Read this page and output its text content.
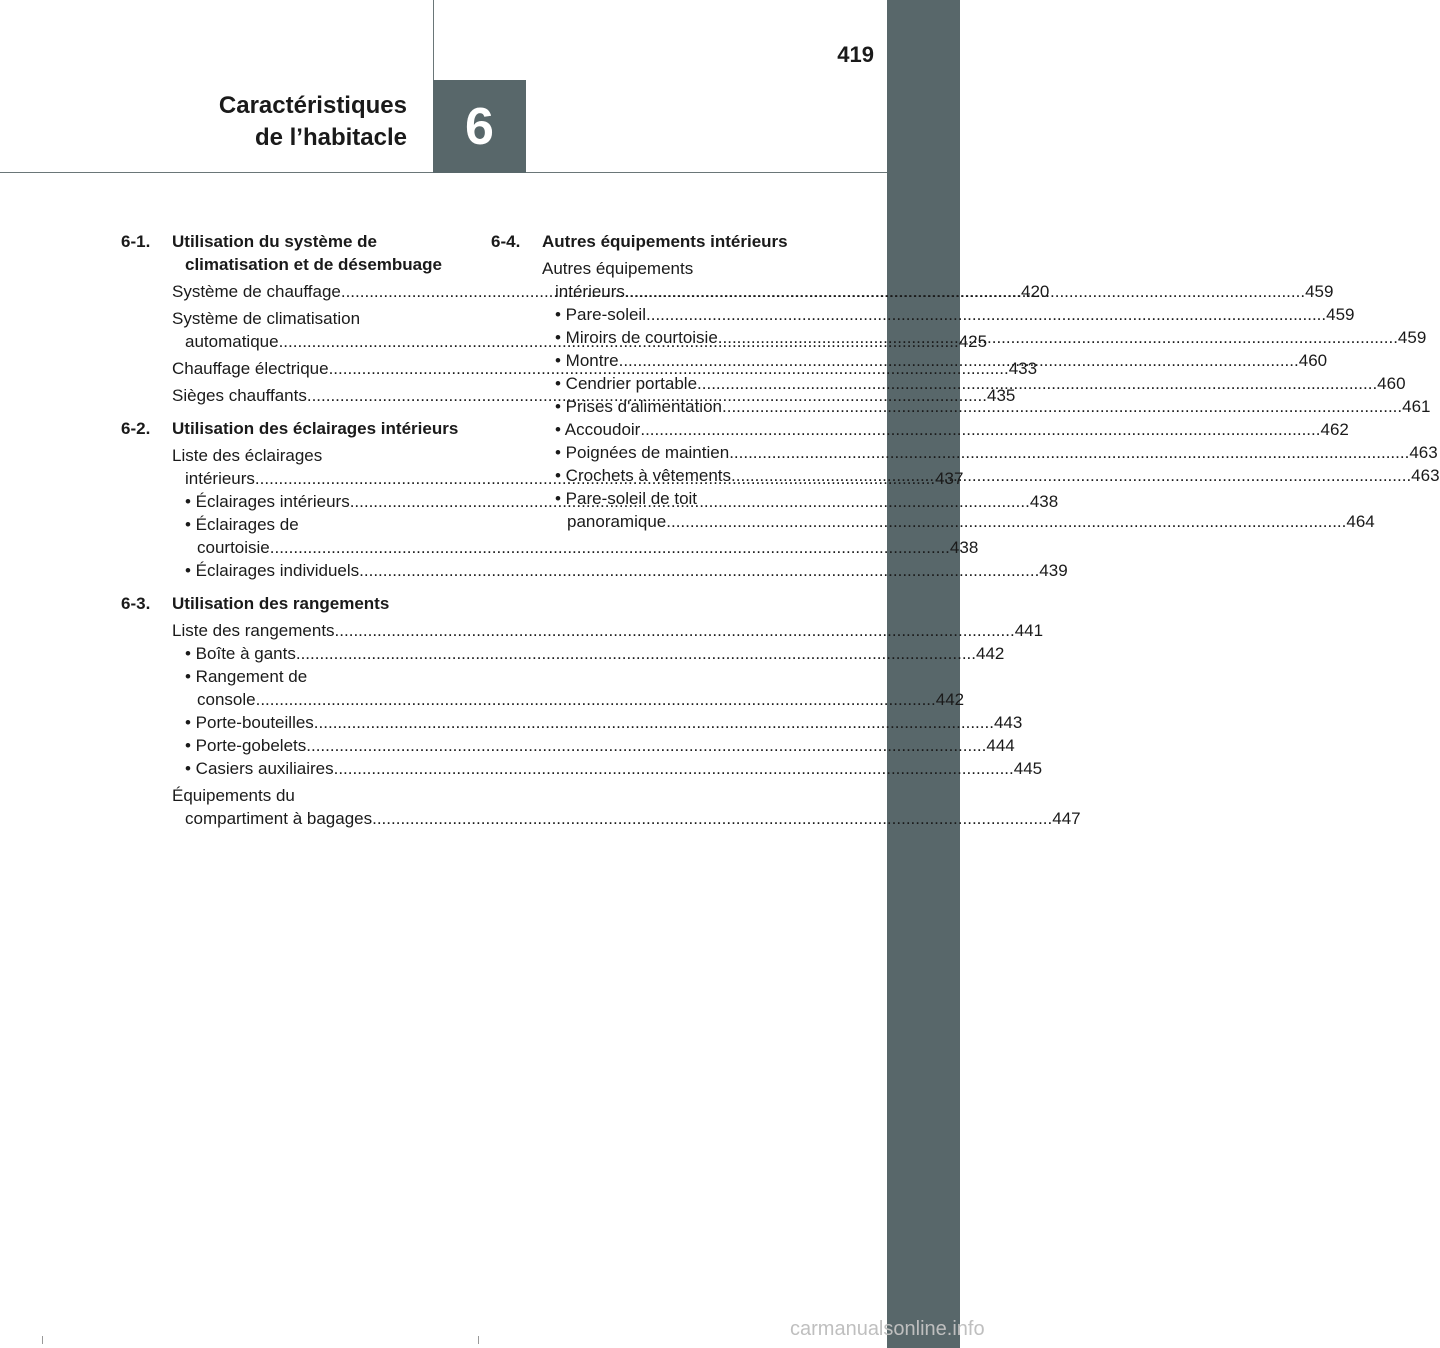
6
419
Caractéristiques
de l’habitacle
6-1.	Utilisation du système de climatisation et de désembuage
Système de chauffage .....	420
Système de climatisation
automatique .....	425
Chauffage électrique .....	433
Sièges chauffants .....	435
6-2.	Utilisation des éclairages intérieurs
Liste des éclairages
intérieurs .....	437
• Éclairages intérieurs .....	438
• Éclairages de
courtoisie .....	438
• Éclairages individuels .....	439
6-3.	Utilisation des rangements
Liste des rangements .....	441
• Boîte à gants .....	442
• Rangement de
console .....	442
• Porte-bouteilles .....	443
• Porte-gobelets .....	444
• Casiers auxiliaires .....	445
Équipements du
compartiment à bagages .....	447
6-4.	Autres équipements intérieurs
Autres équipements
intérieurs .....	459
• Pare-soleil .....	459
• Miroirs de courtoisie .....	459
• Montre .....	460
• Cendrier portable .....	460
• Prises d'alimentation .....	461
• Accoudoir .....	462
• Poignées de maintien .....	463
• Crochets à vêtements .....	463
• Pare-soleil de toit
panoramique .....	464
carmanualsonline.info
